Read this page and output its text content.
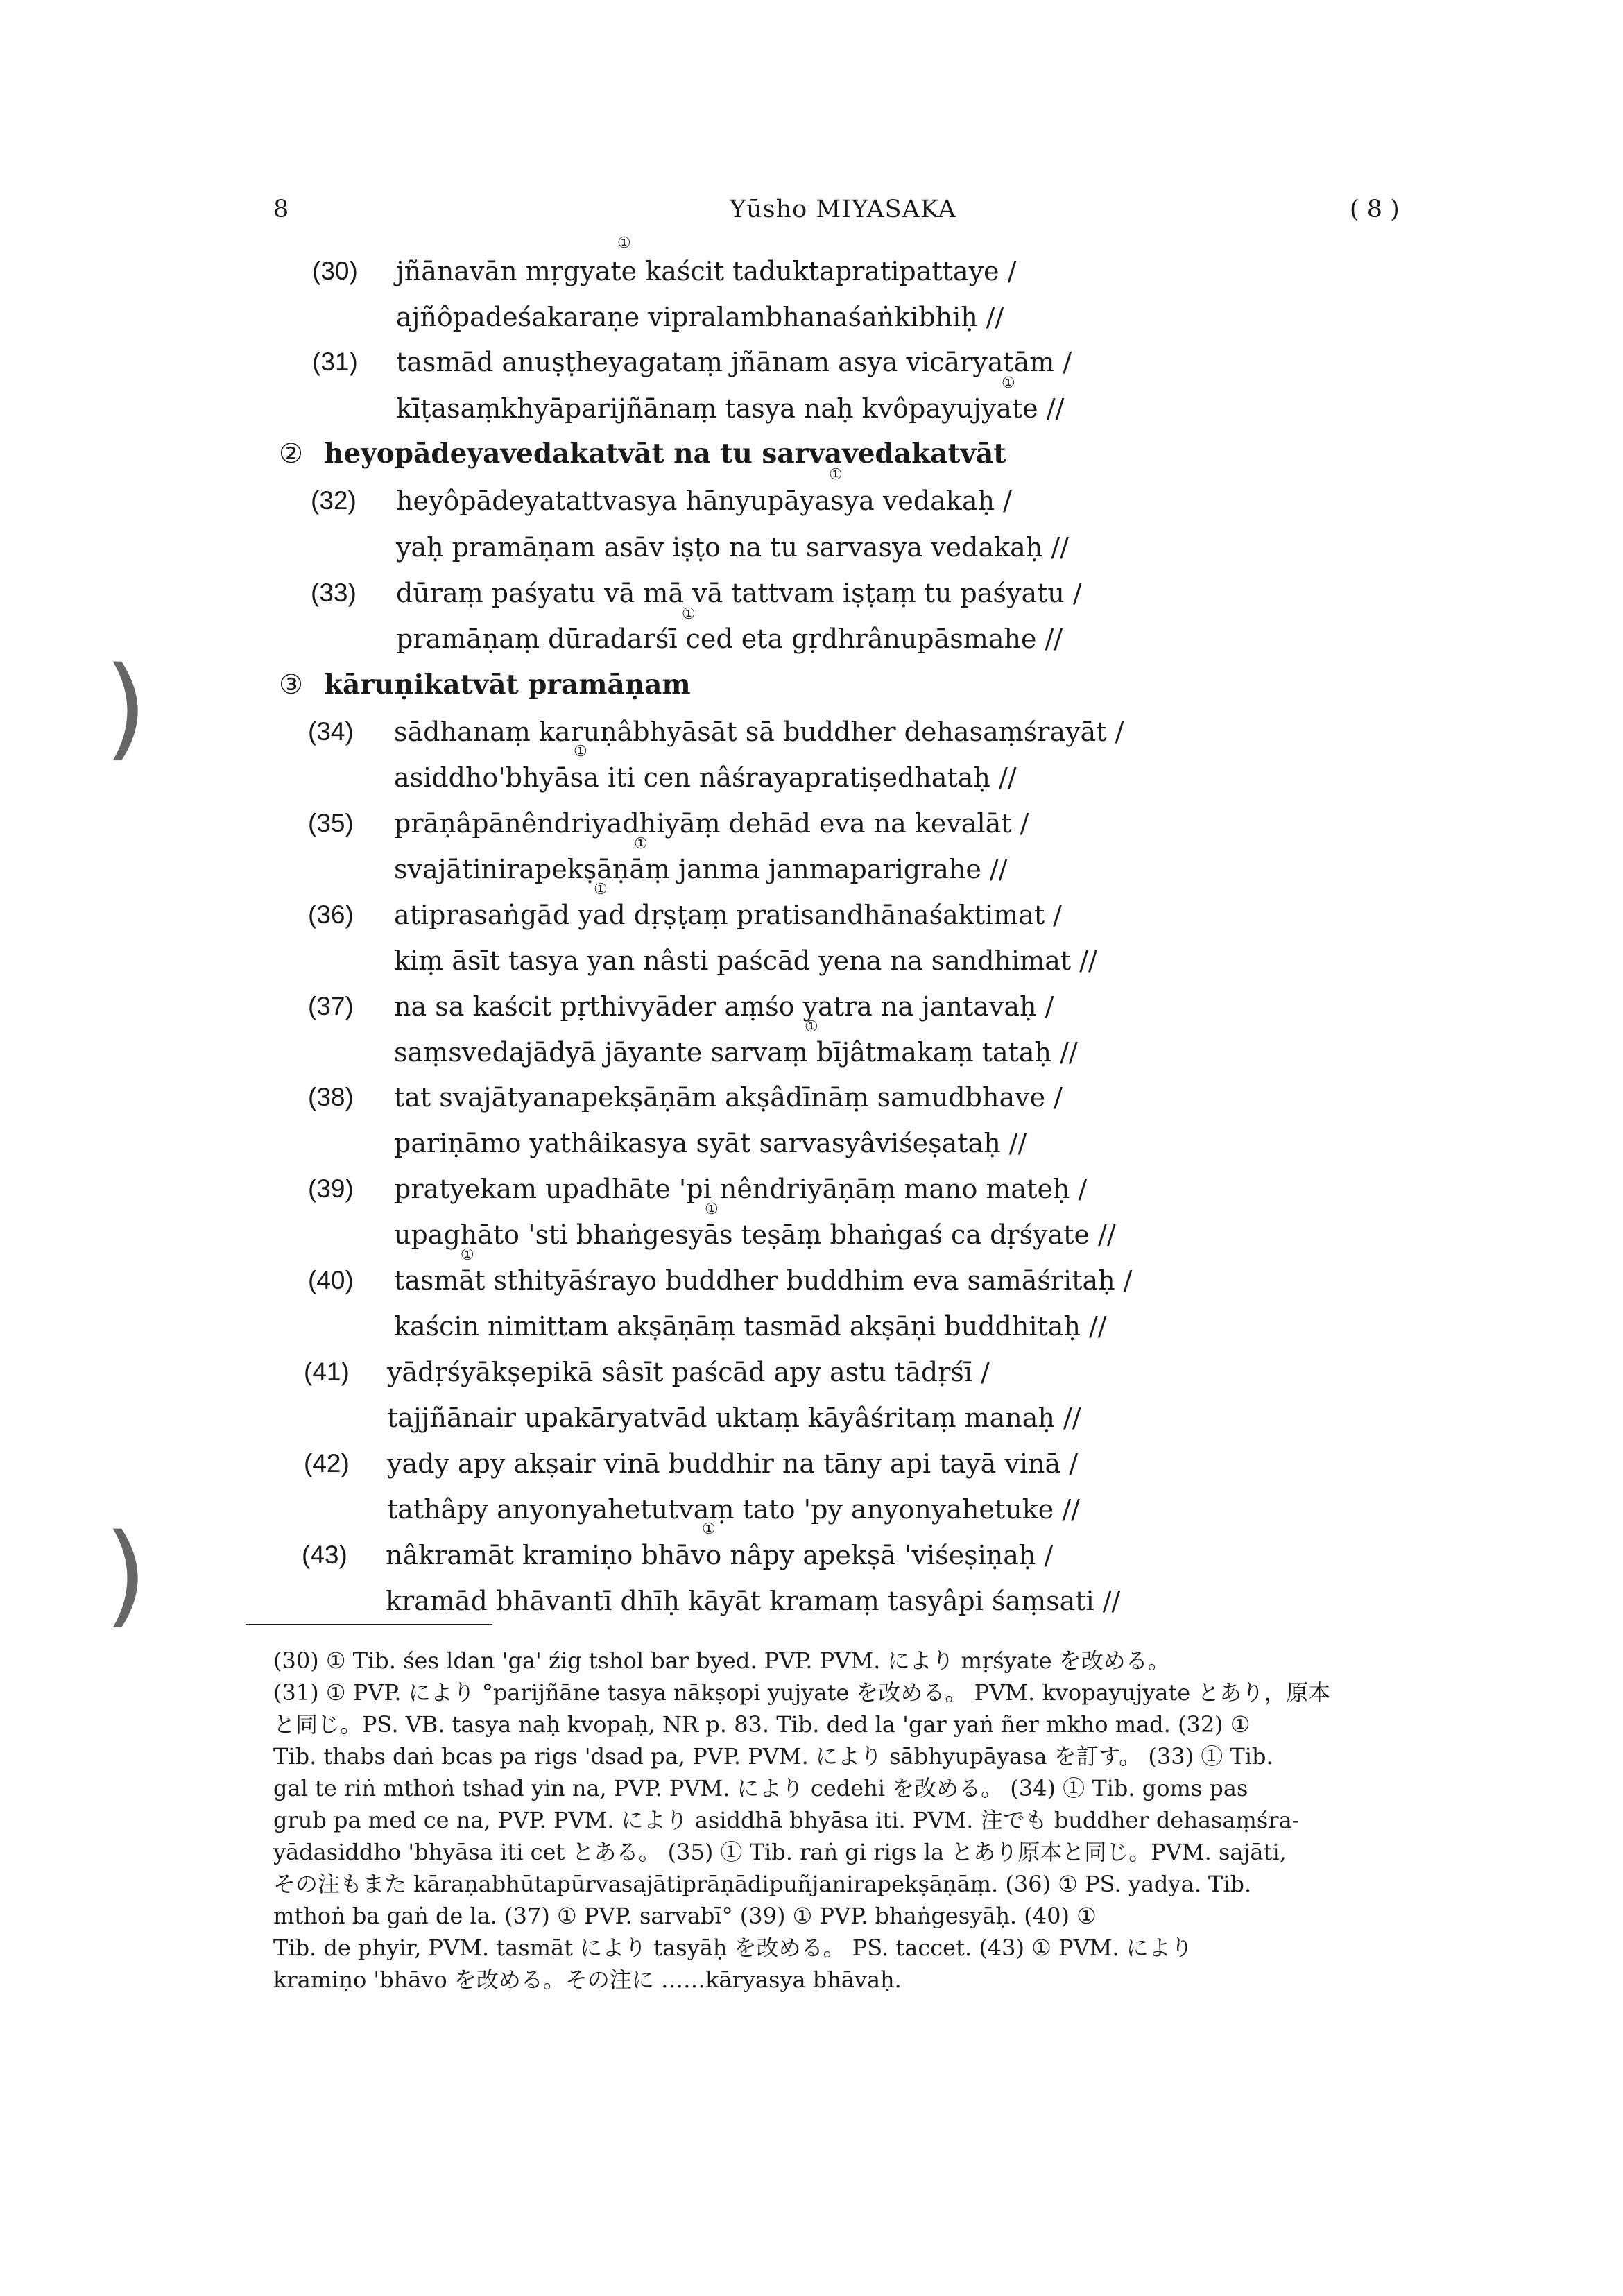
8	Yūsho MIYASAKA	( 8 )
①
(30) jñānavān mṛgyate kaścit taduktapratipattaye /
ajñôpadeśakaraṇe vipralambhanaśaṅkibhiḥ //
(31) tasmād anuṣṭheyagataṃ jñānam asya vicāryatām /
①
kīṭasaṃkhyāparijñānaṃ tasya naḥ kvôpayujyate //
② heyopādeyavedakatvāt na tu sarvavedakatvāt
①
(32) heyôpādeyatattvasya hānyupāyasya vedakaḥ /
yaḥ pramāṇam asāv iṣṭo na tu sarvasya vedakaḥ //
(33) dūraṃ paśyatu vā mā vā tattvam iṣṭaṃ tu paśyatu /
①
pramāṇaṃ dūradarśī ced eta gṛdhrânupāsmahe //
③ kāruṇikatvāt pramāṇam
(34) sādhanaṃ karuṇâbhyāsāt sā buddher dehasaṃśrayāt /
①
asiddho'bhyāsa iti cen nâśrayapratiṣedhataḥ //
(35) prāṇâpānêndriyadhiyāṃ dehād eva na kevalāt /
①
svajātinirapekṣāṇāṃ janma janmaparigrahe //
①
(36) atiprasaṅgād yad dṛṣṭaṃ pratisandhānaśaktimat /
kiṃ āsīt tasya yan nâsti paścād yena na sandhimat //
(37) na sa kaścit pṛthivyāder aṃśo yatra na jantavaḥ /
①
saṃsvedajādyā jāyante sarvaṃ bījâtmakaṃ tataḥ //
(38) tat svajātyanapekṣāṇām akṣâdīnāṃ samudbhave /
pariṇāmo yathâikasya syāt sarvasyâviśeṣataḥ //
(39) pratyekam upadhāte 'pi nêndriyāṇāṃ mano mateḥ /
①
upaghāto 'sti bhaṅgesyās teṣāṃ bhaṅgaś ca dṛśyate //
①
(40) tasmāt sthityāśrayo buddher buddhim eva samāśritaḥ /
kaścin nimittam akṣāṇāṃ tasmād akṣāṇi buddhitaḥ //
(41) yādṛśyākṣepikā sâsīt paścād apy astu tādṛśī /
tajjñānair upakāryatvād uktaṃ kāyâśritaṃ manaḥ //
(42) yady apy akṣair vinā buddhir na tāny api tayā vinā /
tathâpy anyonyahetutvaṃ tato 'py anyonyahetuke //
①
(43) nâkramāt kramiṇo bhāvo nâpy apekṣā 'viśeṣiṇaḥ /
kramād bhāvantī dhīḥ kāyāt kramaṃ tasyâpi śaṃsati //
)
)
(30) ① Tib. śes ldan 'ga' źig tshol bar byed. PVP. PVM. により mṛśyate を改める。
(31) ① PVP. により °parijñāne tasya nākṣopi yujyate を改める。 PVM. kvopayujyate とあり，原本
と同じ。PS. VB. tasya naḥ kvopaḥ, NR p. 83. Tib. ded la 'gar yaṅ ñer mkho mad. (32) ①
Tib. thabs daṅ bcas pa rigs 'dsad pa, PVP. PVM. により sābhyupāyasa を訂す。 (33) ① Tib.
gal te riṅ mthoṅ tshad yin na, PVP. PVM. により cedehi を改める。 (34) ① Tib. goms pas
grub pa med ce na, PVP. PVM. により asiddhā bhyāsa iti. PVM. 注でも buddher dehasaṃśra-
yādasiddho 'bhyāsa iti cet とある。 (35) ① Tib. raṅ gi rigs la とあり原本と同じ。PVM. sajāti,
その注もまた kāraṇabhūtapūrvasajātiprāṇādipuñjanirapekṣāṇāṃ. (36) ① PS. yadya. Tib.
mthoṅ ba gaṅ de la. (37) ① PVP. sarvabī° (39) ① PVP. bhaṅgesyāḥ. (40) ①
Tib. de phyir, PVM. tasmāt により tasyāḥ を改める。 PS. taccet. (43) ① PVM. により
kramiṇo 'bhāvo を改める。その注に ……kāryasya bhāvaḥ.
